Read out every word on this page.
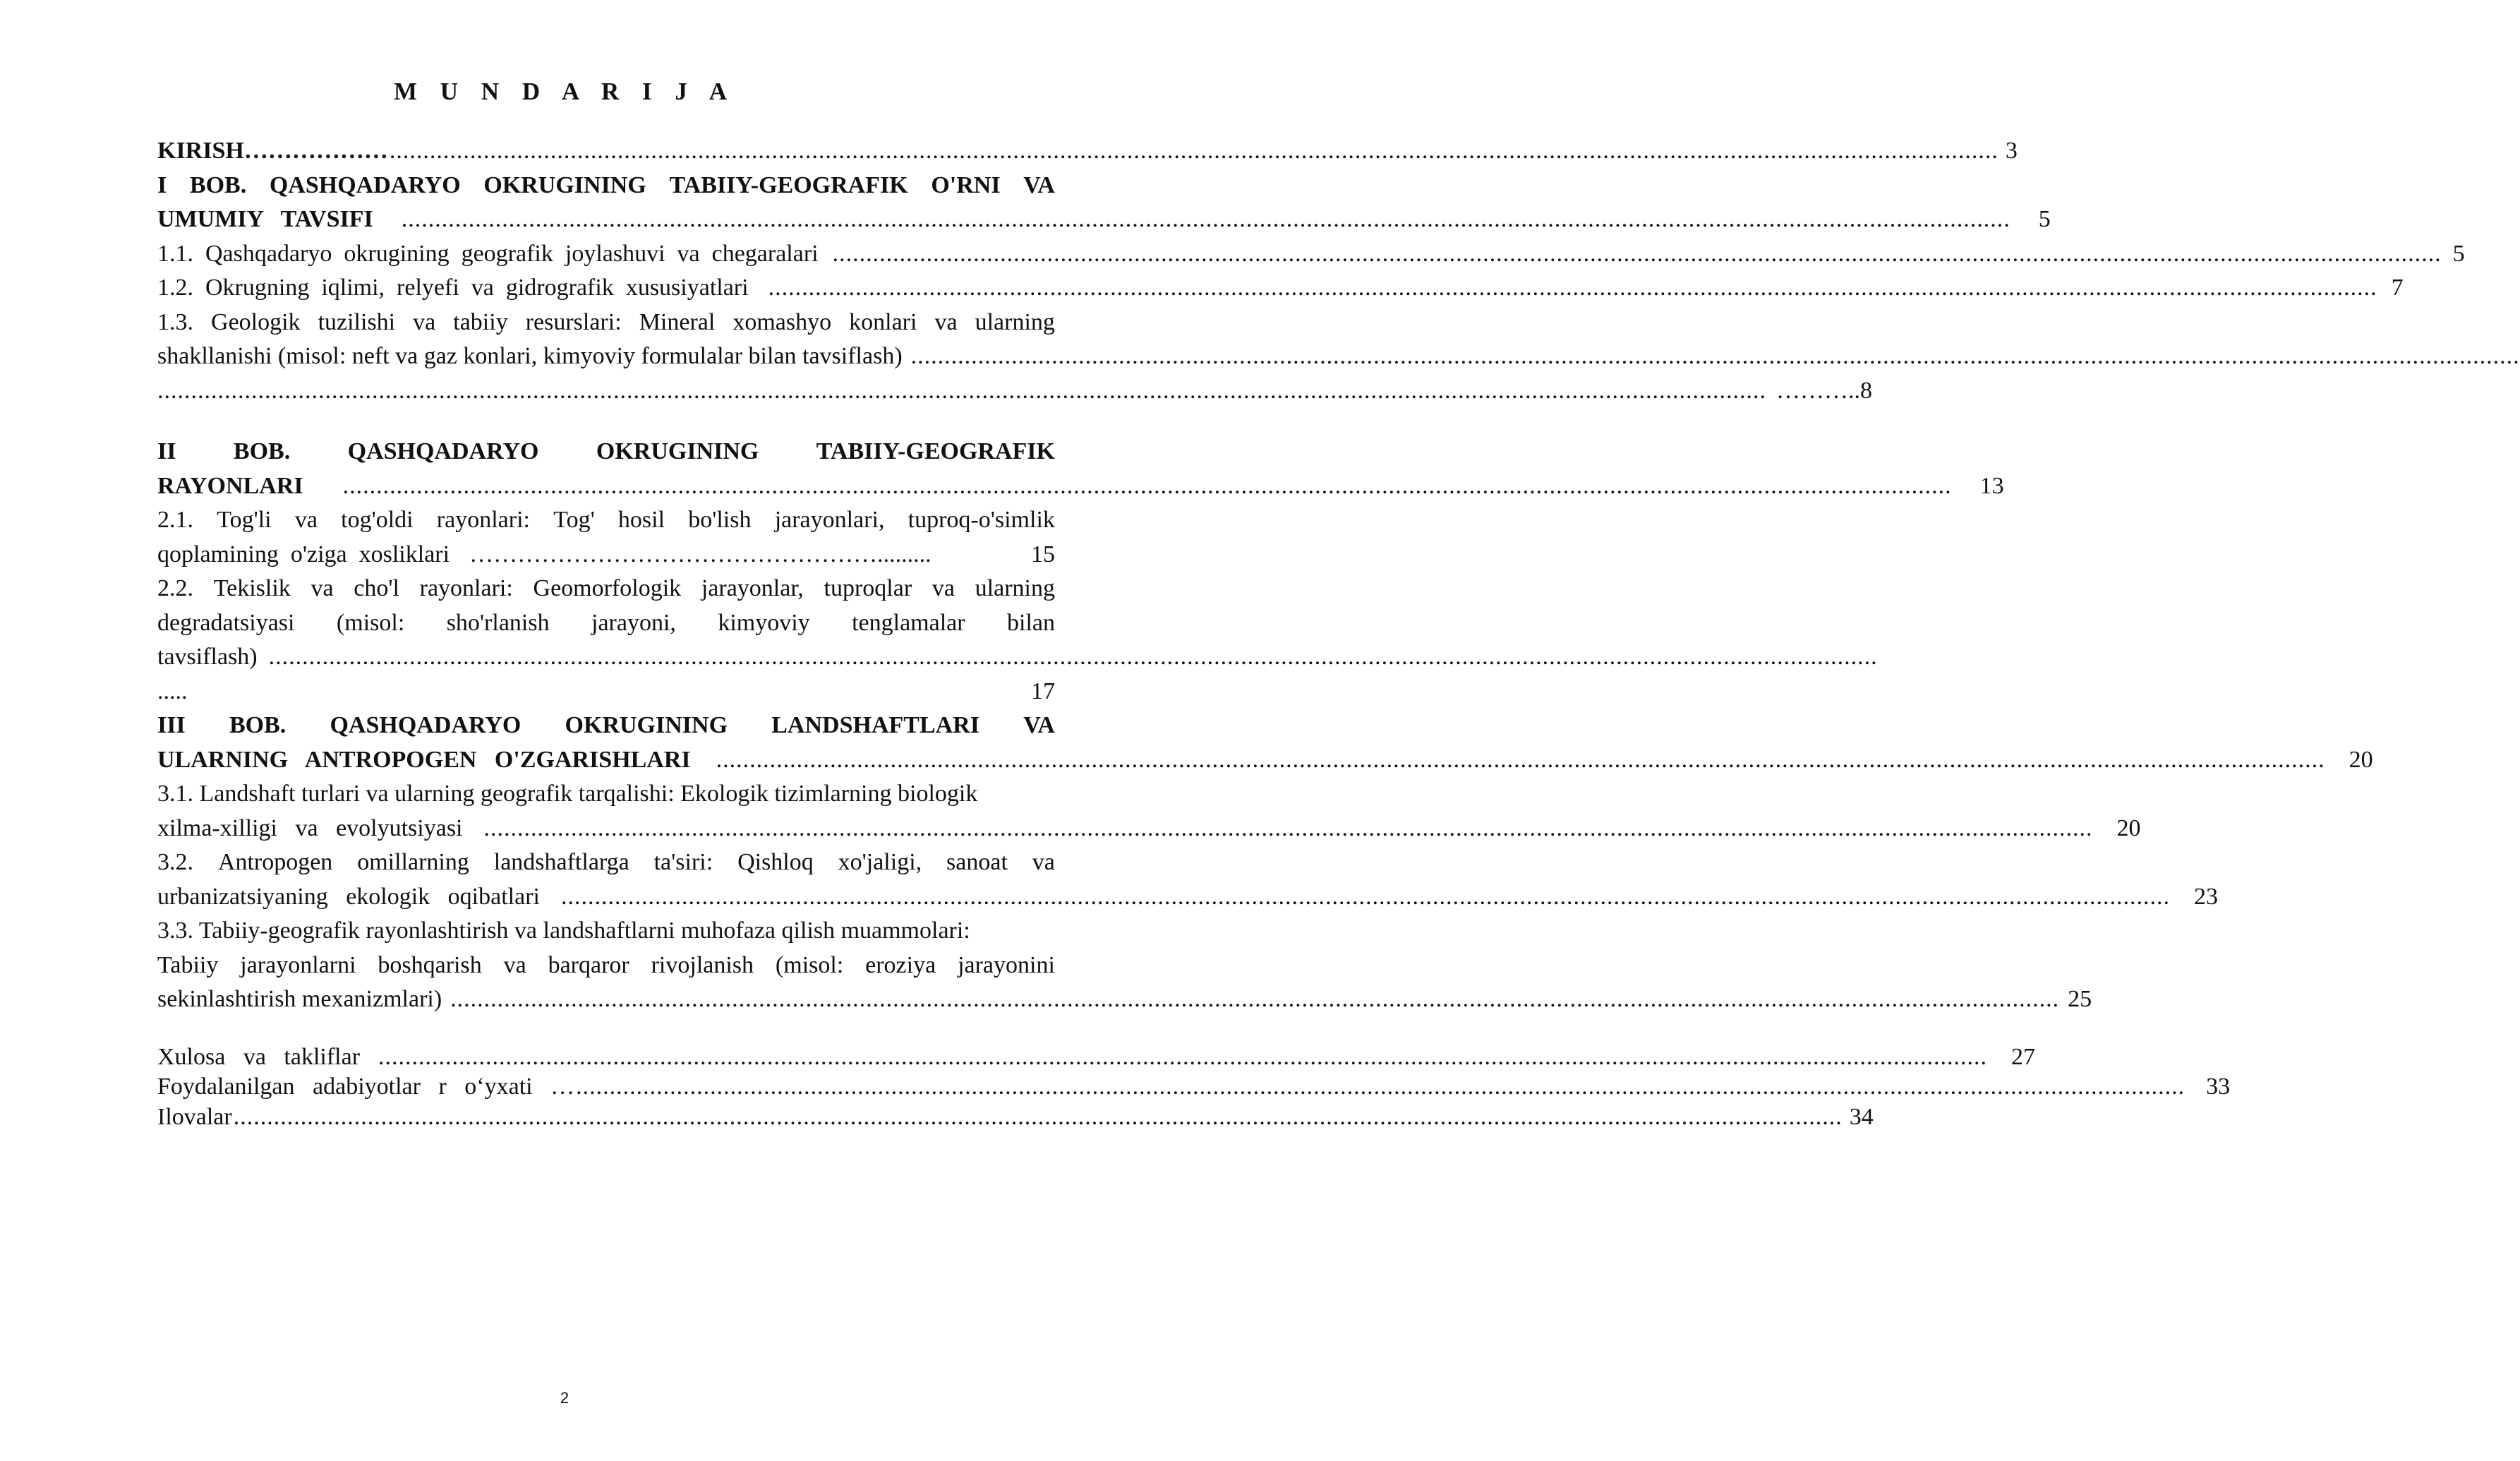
M U N D A R I J A
KIRISH……………… ................................................................................................................................................................................................................................................ 3
I BOB. QASHQADARYO OKRUGINING TABIIY-GEOGRAFIK O'RNI VA
UMUMIY   TAVSIFI ................................................................................................................................................................................................................................................ 5
1.1.  Qashqadaryo  okrugining  geografik  joylashuvi  va  chegaralari ................................................................................................................................................................................................................................................ 5
1.2.  Okrugning  iqlimi,  relyefi  va  gidrografik  xususiyatlari ................................................................................................................................................................................................................................................ 7
1.3. Geologik tuzilishi va tabiiy resurslari: Mineral xomashyo konlari va ularning
shakllanishi (misol: neft va gaz konlari, kimyoviy formulalar bilan tavsiflash) ................................................................................................................................................................................................................................................
................................................................................................................................................................................................................................................ ………..8
II BOB. QASHQADARYO OKRUGINING TABIIY-GEOGRAFIK
RAYONLARI ................................................................................................................................................................................................................................................ 13
2.1. Tog'li va tog'oldi rayonlari: Tog' hosil bo'lish jarayonlari, tuproq-o'simlik
qoplamining  o'ziga  xosliklari …………………………………………….........	15
2.2. Tekislik va cho'l rayonlari: Geomorfologik jarayonlar, tuproqlar va ularning
degradatsiyasi (misol: sho'rlanish jarayoni, kimyoviy tenglamalar bilan
tavsiflash) ................................................................................................................................................................................................................................................
.....	17
III BOB. QASHQADARYO OKRUGINING LANDSHAFTLARI VA
ULARNING   ANTROPOGEN   O'ZGARISHLARI ................................................................................................................................................................................................................................................ 20
3.1. Landshaft turlari va ularning geografik tarqalishi: Ekologik tizimlarning biologik
xilma-xilligi   va   evolyutsiyasi ................................................................................................................................................................................................................................................ 20
3.2. Antropogen omillarning landshaftlarga ta'siri: Qishloq xo'jaligi, sanoat va
urbanizatsiyaning   ekologik   oqibatlari ................................................................................................................................................................................................................................................ 23
3.3. Tabiiy-geografik rayonlashtirish va landshaftlarni muhofaza qilish muammolari:
Tabiiy jarayonlarni boshqarish va barqaror rivojlanish (misol: eroziya jarayonini
sekinlashtirish mexanizmlari) ................................................................................................................................................................................................................................................ 25
Xulosa   va   takliflar ................................................................................................................................................................................................................................................ 27
Foydalanilgan   adabiyotlar   r   o‘yxati   … ................................................................................................................................................................................................................................................ 33
Ilovalar ................................................................................................................................................................................................................................................ 34
2
